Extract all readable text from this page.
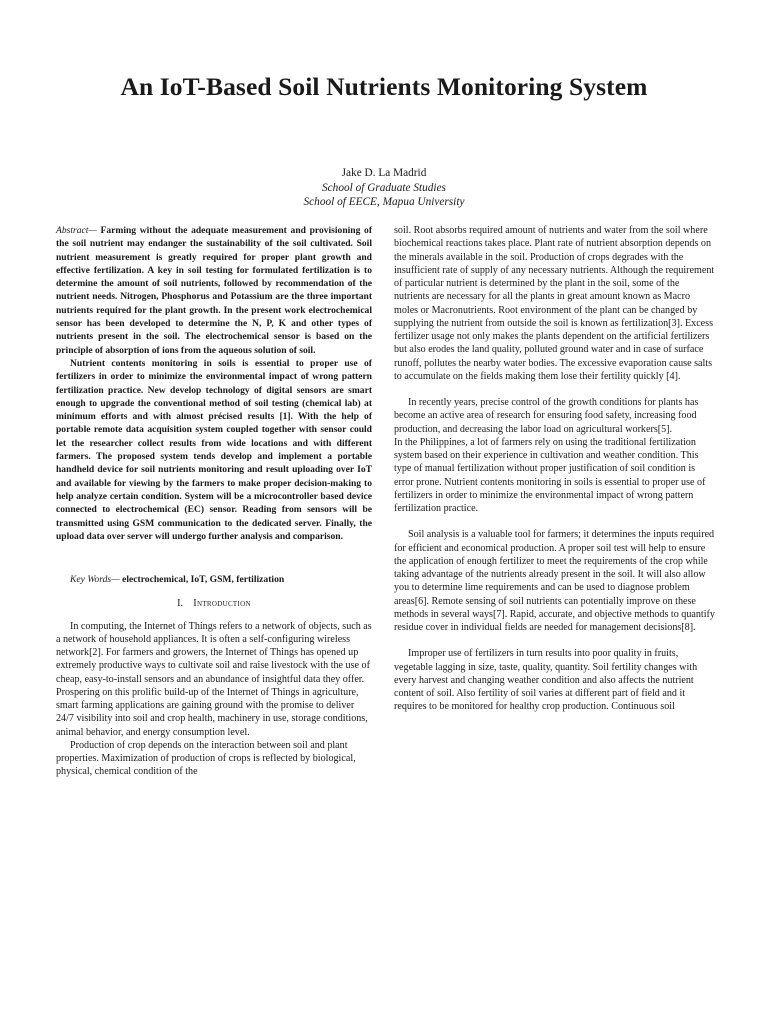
An IoT-Based Soil Nutrients Monitoring System
Jake D. La Madrid
School of Graduate Studies
School of EECE, Mapua University

Abstract— Farming without the adequate measurement and provisioning of the soil nutrient may endanger the sustainability of the soil cultivated. Soil nutrient measurement is greatly required for proper plant growth and effective fertilization. A key in soil testing for formulated fertilization is to determine the amount of soil nutrients, followed by recommendation of the nutrient needs. Nitrogen, Phosphorus and Potassium are the three important nutrients required for the plant growth. In the present work electrochemical sensor has been developed to determine the N, P, K and other types of nutrients present in the soil. The electrochemical sensor is based on the principle of absorption of ions from the aqueous solution of soil.

Nutrient contents monitoring in soils is essential to proper use of fertilizers in order to minimize the environmental impact of wrong pattern fertilization practice. New develop technology of digital sensors are smart enough to upgrade the conventional method of soil testing (chemical lab) at minimum efforts and with almost précised results [1]. With the help of portable remote data acquisition system coupled together with sensor could let the researcher collect results from wide locations and with different farmers. The proposed system tends develop and implement a portable handheld device for soil nutrients monitoring and result uploading over IoT and available for viewing by the farmers to make proper decision-making to help analyze certain condition. System will be a microcontroller based device connected to electrochemical (EC) sensor. Reading from sensors will be transmitted using GSM communication to the dedicated server. Finally, the upload data over server will undergo further analysis and comparison.

Key Words— electrochemical, IoT, GSM, fertilization

I. Introduction

In computing, the Internet of Things refers to a network of objects, such as a network of household appliances. It is often a self-configuring wireless network[2]. For farmers and growers, the Internet of Things has opened up extremely productive ways to cultivate soil and raise livestock with the use of cheap, easy-to-install sensors and an abundance of insightful data they offer. Prospering on this prolific build-up of the Internet of Things in agriculture, smart farming applications are gaining ground with the promise to deliver 24/7 visibility into soil and crop health, machinery in use, storage conditions, animal behavior, and energy consumption level.

Production of crop depends on the interaction between soil and plant properties. Maximization of production of crops is reflected by biological, physical, chemical condition of the

soil. Root absorbs required amount of nutrients and water from the soil where biochemical reactions takes place. Plant rate of nutrient absorption depends on the minerals available in the soil. Production of crops degrades with the insufficient rate of supply of any necessary nutrients. Although the requirement of particular nutrient is determined by the plant in the soil, some of the nutrients are necessary for all the plants in great amount known as Macro moles or Macronutrients. Root environment of the plant can be changed by supplying the nutrient from outside the soil is known as fertilization[3]. Excess fertilizer usage not only makes the plants dependent on the artificial fertilizers but also erodes the land quality, polluted ground water and in case of surface runoff, pollutes the nearby water bodies. The excessive evaporation cause salts to accumulate on the fields making them lose their fertility quickly [4].

In recently years, precise control of the growth conditions for plants has become an active area of research for ensuring food safety, increasing food production, and decreasing the labor load on agricultural workers[5].

In the Philippines, a lot of farmers rely on using the traditional fertilization system based on their experience in cultivation and weather condition. This type of manual fertilization without proper justification of soil condition is error prone. Nutrient contents monitoring in soils is essential to proper use of fertilizers in order to minimize the environmental impact of wrong pattern fertilization practice.

Soil analysis is a valuable tool for farmers; it determines the inputs required for efficient and economical production. A proper soil test will help to ensure the application of enough fertilizer to meet the requirements of the crop while taking advantage of the nutrients already present in the soil. It will also allow you to determine lime requirements and can be used to diagnose problem areas[6]. Remote sensing of soil nutrients can potentially improve on these methods in several ways[7]. Rapid, accurate, and objective methods to quantify residue cover in individual fields are needed for management decisions[8].

Improper use of fertilizers in turn results into poor quality in fruits, vegetable lagging in size, taste, quality, quantity. Soil fertility changes with every harvest and changing weather condition and also affects the nutrient content of soil. Also fertility of soil varies at different part of field and it requires to be monitored for healthy crop production. Continuous soil
